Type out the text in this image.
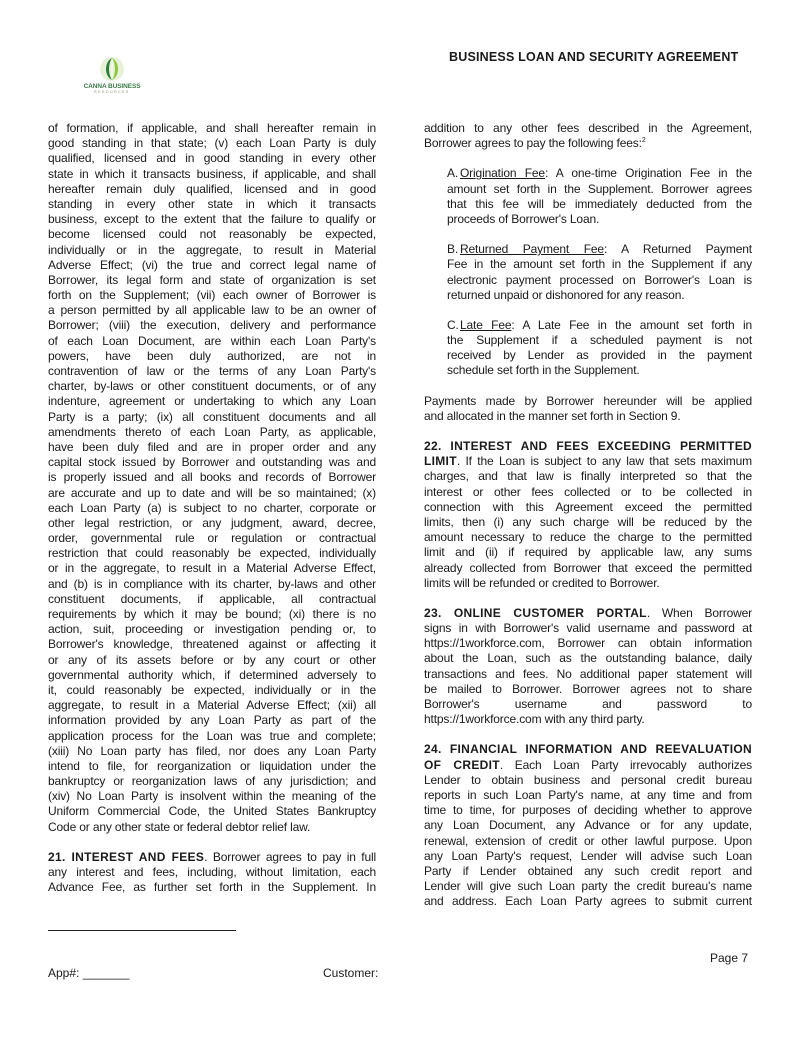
BUSINESS LOAN AND SECURITY AGREEMENT
CANNA BUSINESS
RESOURCES
of formation, if applicable, and shall hereafter remain in
good standing in that state; (v) each Loan Party is duly
qualified, licensed and in good standing in every other
state in which it transacts business, if applicable, and shall
hereafter remain duly qualified, licensed and in good
standing in every other state in which it transacts
business, except to the extent that the failure to qualify or
become licensed could not reasonably be expected,
individually or in the aggregate, to result in Material
Adverse Effect; (vi) the true and correct legal name of
Borrower, its legal form and state of organization is set
forth on the Supplement; (vii) each owner of Borrower is
a person permitted by all applicable law to be an owner of
Borrower; (viii) the execution, delivery and performance
of each Loan Document, are within each Loan Party's
powers, have been duly authorized, are not in
contravention of law or the terms of any Loan Party's
charter, by-laws or other constituent documents, or of any
indenture, agreement or undertaking to which any Loan
Party is a party; (ix) all constituent documents and all
amendments thereto of each Loan Party, as applicable,
have been duly filed and are in proper order and any
capital stock issued by Borrower and outstanding was and
is properly issued and all books and records of Borrower
are accurate and up to date and will be so maintained; (x)
each Loan Party (a) is subject to no charter, corporate or
other legal restriction, or any judgment, award, decree,
order, governmental rule or regulation or contractual
restriction that could reasonably be expected, individually
or in the aggregate, to result in a Material Adverse Effect,
and (b) is in compliance with its charter, by-laws and other
constituent documents, if applicable, all contractual
requirements by which it may be bound; (xi) there is no
action, suit, proceeding or investigation pending or, to
Borrower's knowledge, threatened against or affecting it
or any of its assets before or by any court or other
governmental authority which, if determined adversely to
it, could reasonably be expected, individually or in the
aggregate, to result in a Material Adverse Effect; (xii) all
information provided by any Loan Party as part of the
application process for the Loan was true and complete;
(xiii) No Loan party has filed, nor does any Loan Party
intend to file, for reorganization or liquidation under the
bankruptcy or reorganization laws of any jurisdiction; and
(xiv) No Loan Party is insolvent within the meaning of the
Uniform Commercial Code, the United States Bankruptcy
Code or any other state or federal debtor relief law.
21. INTEREST AND FEES. Borrower agrees to pay in full
any interest and fees, including, without limitation, each
Advance Fee, as further set forth in the Supplement. In
addition to any other fees described in the Agreement,
Borrower agrees to pay the following fees:$^2$
A. Origination Fee: A one-time Origination Fee in the
amount set forth in the Supplement. Borrower agrees
that this fee will be immediately deducted from the
proceeds of Borrower's Loan.
B. Returned Payment Fee: A Returned Payment
Fee in the amount set forth in the Supplement if any
electronic payment processed on Borrower's Loan is
returned unpaid or dishonored for any reason.
C.Late Fee: A Late Fee in the amount set forth in
the Supplement if a scheduled payment is not
received by Lender as provided in the payment
schedule set forth in the Supplement.
Payments made by Borrower hereunder will be applied
and allocated in the manner set forth in Section 9.
22. INTEREST AND FEES EXCEEDING PERMITTED
LIMIT. If the Loan is subject to any law that sets maximum
charges, and that law is finally interpreted so that the
interest or other fees collected or to be collected in
connection with this Agreement exceed the permitted
limits, then (i) any such charge will be reduced by the
amount necessary to reduce the charge to the permitted
limit and (ii) if required by applicable law, any sums
already collected from Borrower that exceed the permitted
limits will be refunded or credited to Borrower.
23. ONLINE CUSTOMER PORTAL. When Borrower
signs in with Borrower's valid username and password at
https://1workforce.com, Borrower can obtain information
about the Loan, such as the outstanding balance, daily
transactions and fees. No additional paper statement will
be mailed to Borrower. Borrower agrees not to share
Borrower's username and password to
https://1workforce.com with any third party.
24. FINANCIAL INFORMATION AND REEVALUATION
OF CREDIT. Each Loan Party irrevocably authorizes
Lender to obtain business and personal credit bureau
reports in such Loan Party's name, at any time and from
time to time, for purposes of deciding whether to approve
any Loan Document, any Advance or for any update,
renewal, extension of credit or other lawful purpose. Upon
any Loan Party's request, Lender will advise such Loan
Party if Lender obtained any such credit report and
Lender will give such Loan party the credit bureau's name
and address. Each Loan Party agrees to submit current
Page 7
App#: _______	Customer:
